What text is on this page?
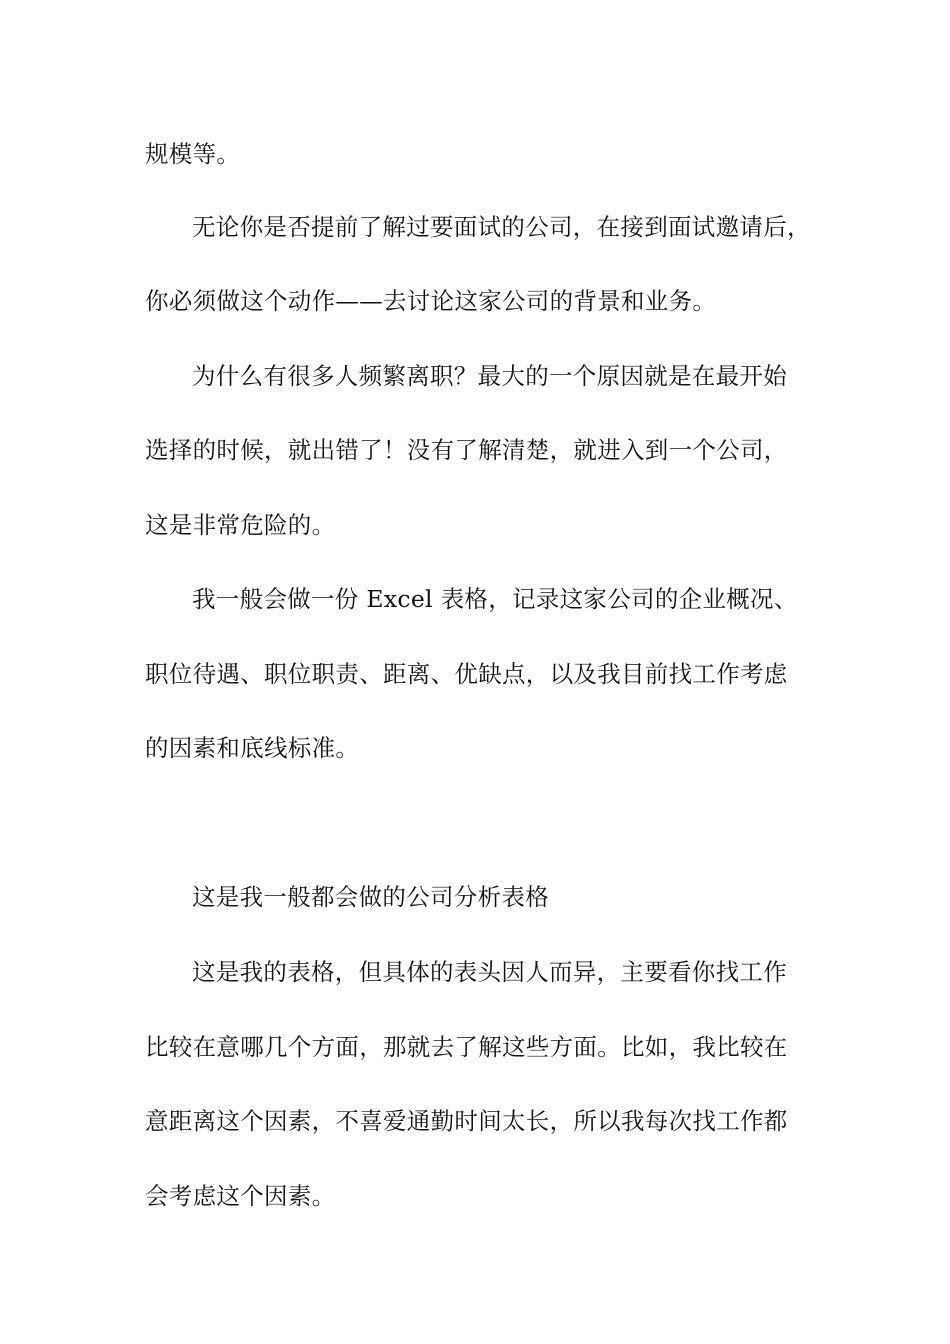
规模等。
无论你是否提前了解过要面试的公司，在接到面试邀请后，
你必须做这个动作——去讨论这家公司的背景和业务。
为什么有很多人频繁离职？最大的一个原因就是在最开始
选择的时候，就出错了！没有了解清楚，就进入到一个公司，
这是非常危险的。
我一般会做一份 Excel 表格，记录这家公司的企业概况、
职位待遇、职位职责、距离、优缺点，以及我目前找工作考虑
的因素和底线标准。
这是我一般都会做的公司分析表格
这是我的表格，但具体的表头因人而异，主要看你找工作
比较在意哪几个方面，那就去了解这些方面。比如，我比较在
意距离这个因素，不喜爱通勤时间太长，所以我每次找工作都
会考虑这个因素。
